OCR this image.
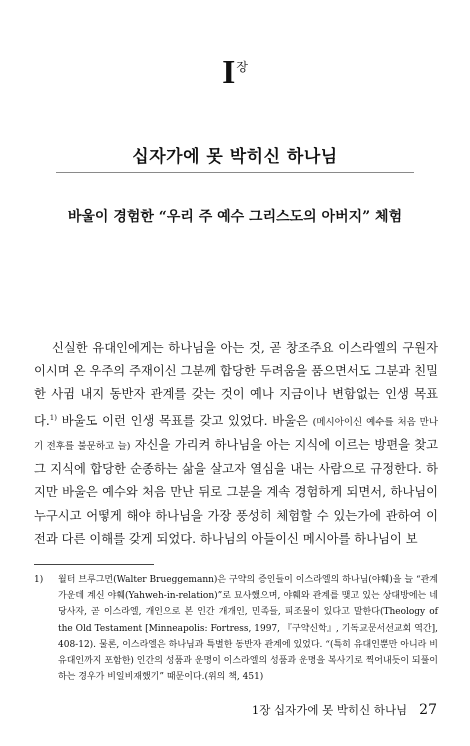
$I^장$
십자가에 못 박히신 하나님
바울이 경험한 “우리 주 예수 그리스도의 아버지” 체험

신실한 유대인에게는 하나님을 아는 것, 곧 창조주요 이스라엘의 구원자이시며 온 우주의 주재이신 그분께 합당한 두려움을 품으면서도 그분과 친밀한 사귐 내지 동반자 관계를 갖는 것이 예나 지금이나 변함없는 인생 목표다.$^{1)}$ 바울도 이런 인생 목표를 갖고 있었다. 바울은 (메시아이신 예수를 처음 만나기 전후를 불문하고 늘) 자신을 가리켜 하나님을 아는 지식에 이르는 방편을 찾고 그 지식에 합당한 순종하는 삶을 살고자 열심을 내는 사람으로 규정한다. 하지만 바울은 예수와 처음 만난 뒤로 그분을 계속 경험하게 되면서, 하나님이 누구시고 어떻게 해야 하나님을 가장 풍성히 체험할 수 있는가에 관하여 이전과 다른 이해를 갖게 되었다. 하나님의 아들이신 메시아를 하나님이 보

1) 월터 브루그먼(Walter Brueggemann)은 구약의 증인들이 이스라엘의 하나님(야훼)을 늘 “관계 가운데 계신 야훼(Yahweh-in-relation)”로 묘사했으며, 야훼와 관계를 맺고 있는 상대방에는 네 당사자, 곧 이스라엘, 개인으로 본 인간 개개인, 민족들, 피조물이 있다고 말한다(Theology of the Old Testament [Minneapolis: Fortress, 1997, 『구약신학』, 기독교문서선교회 역간], 408-12). 물론, 이스라엘은 하나님과 특별한 동반자 관계에 있었다. “(특히 유대인뿐만 아니라 비유대인까지 포함한) 인간의 성품과 운명이 이스라엘의 성품과 운명을 복사기로 찍어내듯이 되풀이하는 경우가 비일비재했기” 때문이다.(위의 책, 451)
1장 십자가에 못 박히신 하나님 27
